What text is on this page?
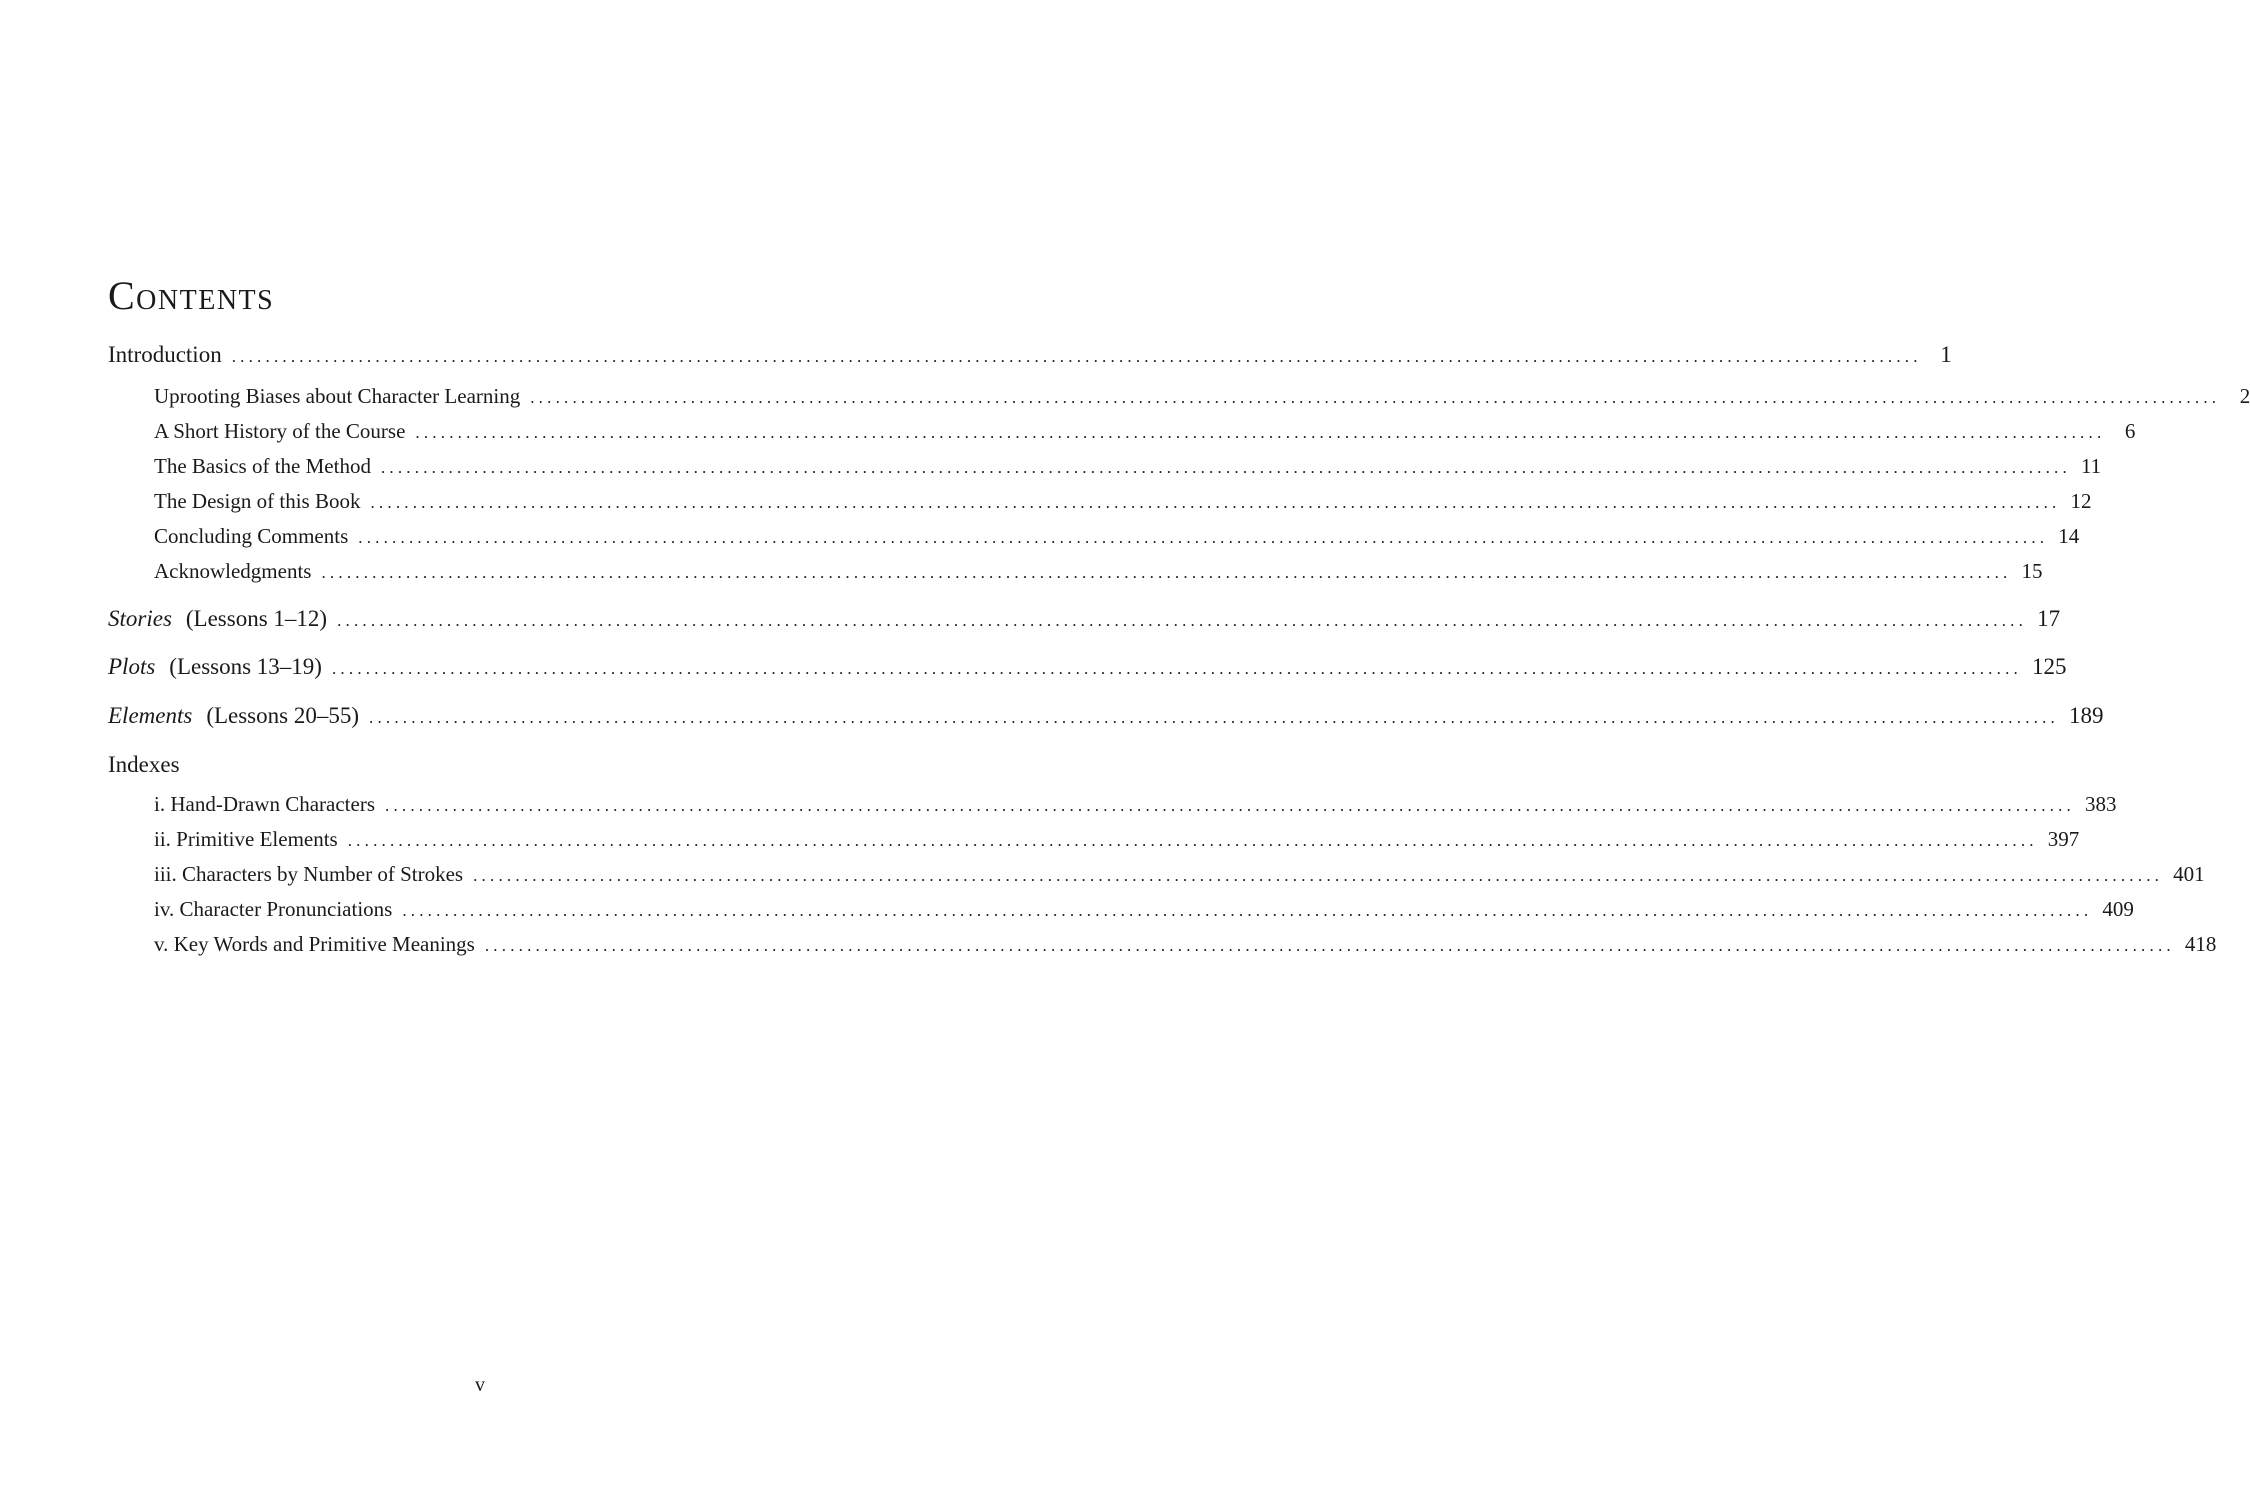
Contents
Introduction ........................................................................................................................................................................................................ 1
Uprooting Biases about Character Learning ........................................................................................................................................................................................................ 2
A Short History of the Course ........................................................................................................................................................................................................ 6
The Basics of the Method ........................................................................................................................................................................................................ 11
The Design of this Book ........................................................................................................................................................................................................ 12
Concluding Comments ........................................................................................................................................................................................................ 14
Acknowledgments ........................................................................................................................................................................................................ 15
Stories (Lessons 1–12) ........................................................................................................................................................................................................ 17
Plots (Lessons 13–19) ........................................................................................................................................................................................................ 125
Elements (Lessons 20–55) ........................................................................................................................................................................................................ 189
Indexes
i. Hand-Drawn Characters ........................................................................................................................................................................................................ 383
ii. Primitive Elements ........................................................................................................................................................................................................ 397
iii. Characters by Number of Strokes ........................................................................................................................................................................................................ 401
iv. Character Pronunciations ........................................................................................................................................................................................................ 409
v. Key Words and Primitive Meanings ........................................................................................................................................................................................................ 418
v
